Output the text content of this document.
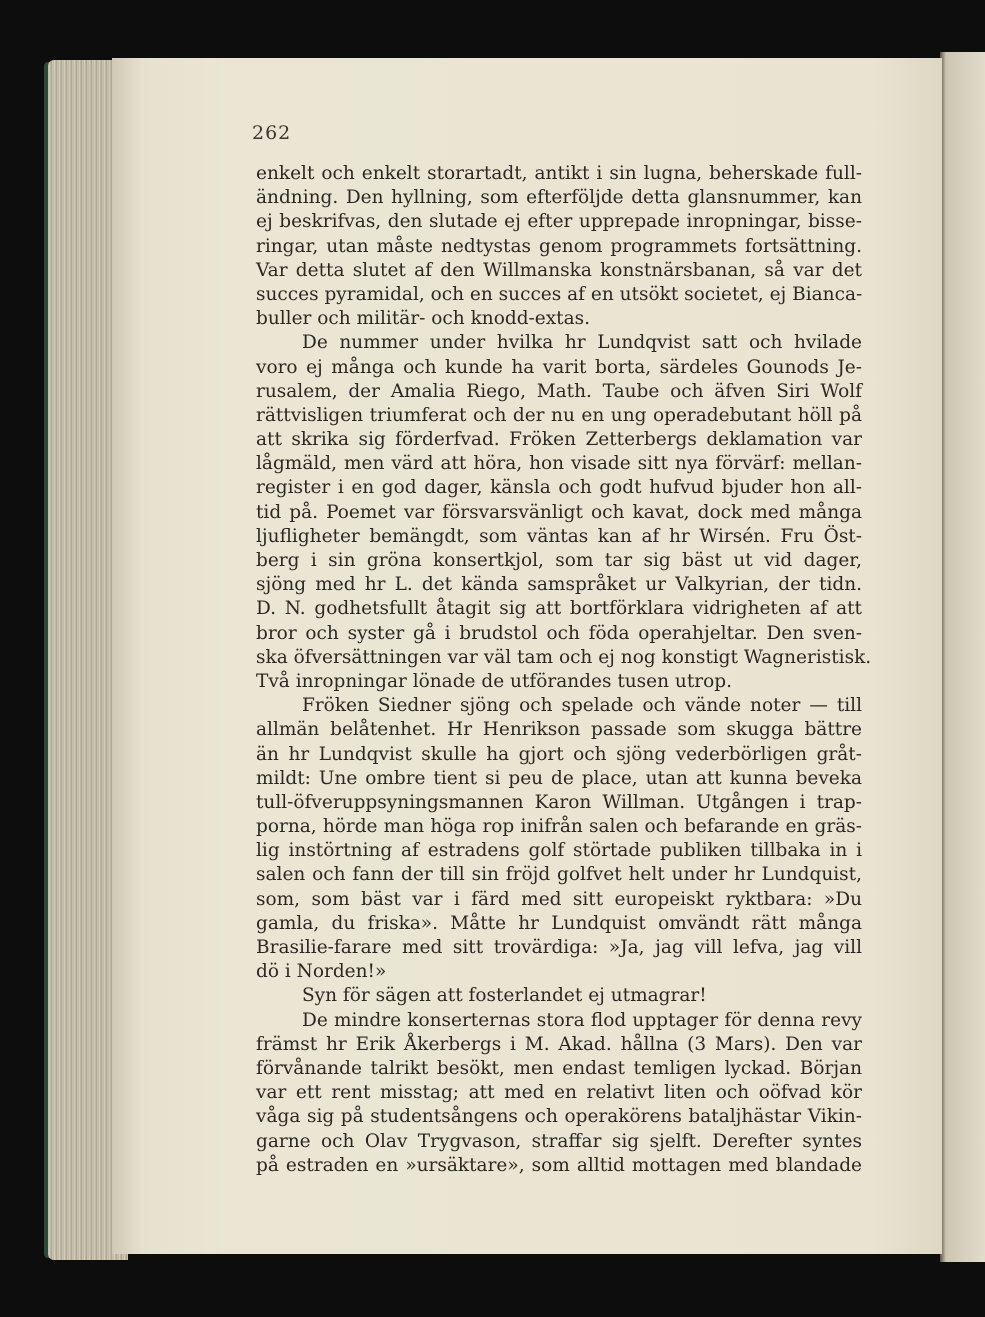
262
enkelt och enkelt storartadt, antikt i sin lugna, beherskade full-
ändning. Den hyllning, som efterföljde detta glansnummer, kan
ej beskrifvas, den slutade ej efter upprepade inropningar, bisse-
ringar, utan måste nedtystas genom programmets fortsättning.
Var detta slutet af den Willmanska konstnärsbanan, så var det
succes pyramidal, och en succes af en utsökt societet, ej Bianca-
buller och militär- och knodd-extas.
De nummer under hvilka hr Lundqvist satt och hvilade
voro ej många och kunde ha varit borta, särdeles Gounods Je-
rusalem, der Amalia Riego, Math. Taube och äfven Siri Wolf
rättvisligen triumferat och der nu en ung operadebutant höll på
att skrika sig förderfvad. Fröken Zetterbergs deklamation var
lågmäld, men värd att höra, hon visade sitt nya förvärf: mellan-
register i en god dager, känsla och godt hufvud bjuder hon all-
tid på. Poemet var försvarsvänligt och kavat, dock med många
ljufligheter bemängdt, som väntas kan af hr Wirsén. Fru Öst-
berg i sin gröna konsertkjol, som tar sig bäst ut vid dager,
sjöng med hr L. det kända samspråket ur Valkyrian, der tidn.
D. N. godhetsfullt åtagit sig att bortförklara vidrigheten af att
bror och syster gå i brudstol och föda operahjeltar. Den sven-
ska öfversättningen var väl tam och ej nog konstigt Wagneristisk.
Två inropningar lönade de utförandes tusen utrop.
Fröken Siedner sjöng och spelade och vände noter — till
allmän belåtenhet. Hr Henrikson passade som skugga bättre
än hr Lundqvist skulle ha gjort och sjöng vederbörligen gråt-
mildt: Une ombre tient si peu de place, utan att kunna beveka
tull-öfveruppsyningsmannen Karon Willman. Utgången i trap-
porna, hörde man höga rop inifrån salen och befarande en gräs-
lig instörtning af estradens golf störtade publiken tillbaka in i
salen och fann der till sin fröjd golfvet helt under hr Lundquist,
som, som bäst var i färd med sitt europeiskt ryktbara: »Du
gamla, du friska». Måtte hr Lundquist omvändt rätt många
Brasilie-farare med sitt trovärdiga: »Ja, jag vill lefva, jag vill
dö i Norden!»
Syn för sägen att fosterlandet ej utmagrar!
De mindre konserternas stora flod upptager för denna revy
främst hr Erik Åkerbergs i M. Akad. hållna (3 Mars). Den var
förvånande talrikt besökt, men endast temligen lyckad. Början
var ett rent misstag; att med en relativt liten och oöfvad kör
våga sig på studentsångens och operakörens bataljhästar Vikin-
garne och Olav Trygvason, straffar sig sjelft. Derefter syntes
på estraden en »ursäktare», som alltid mottagen med blandade
